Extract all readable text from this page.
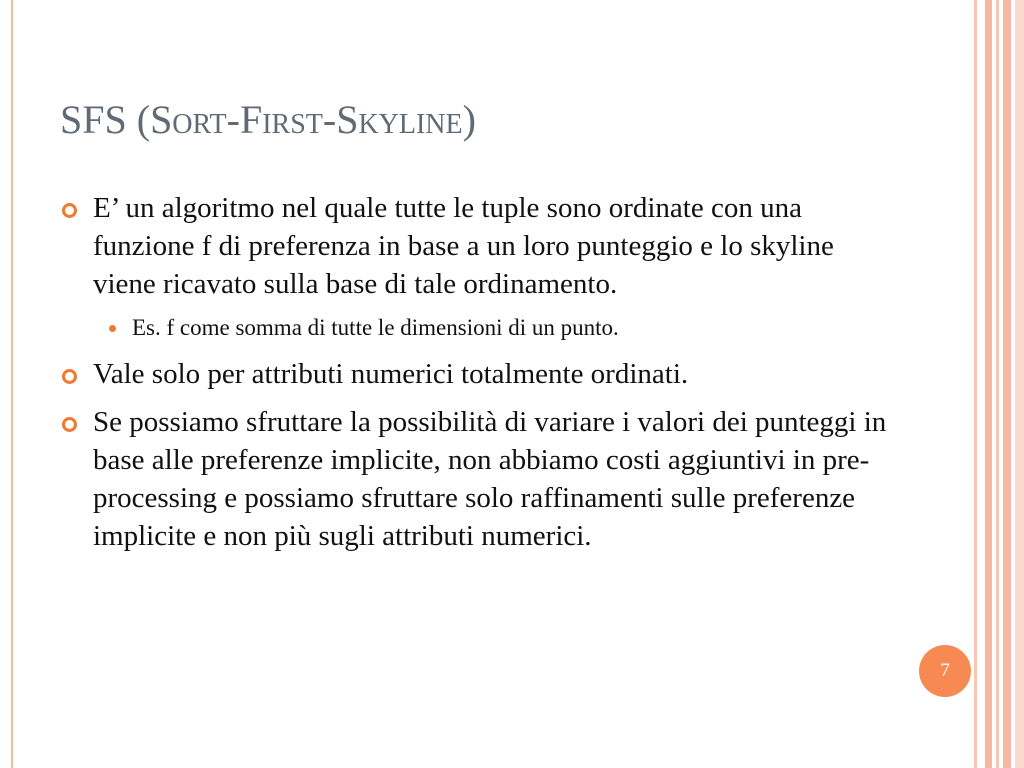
SFS (Sort-First-Skyline)
E’ un algoritmo nel quale tutte le tuple sono ordinate con una funzione f di preferenza in base a un loro punteggio e lo skyline viene ricavato sulla base di tale ordinamento.
Es. f come somma di tutte le dimensioni di un punto.
Vale solo per attributi numerici totalmente ordinati.
Se possiamo sfruttare la possibilità di variare i valori dei punteggi in base alle preferenze implicite, non abbiamo costi aggiuntivi in pre-processing e possiamo sfruttare solo raffinamenti sulle preferenze implicite e non più sugli attributi numerici.
7
